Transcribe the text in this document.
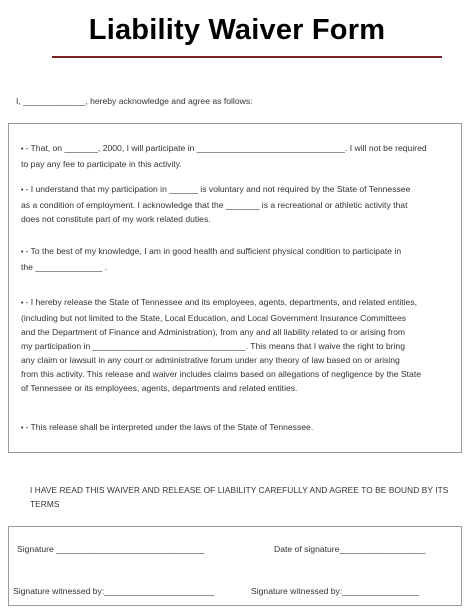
Liability Waiver Form
I, _____________, hereby acknowledge and agree as follows:
• - That, on _______, 2000, I will participate in _______________________________. I will not be required
to pay any fee to participate in this activity.
• - I understand that my participation in ______ is voluntary and not required by the State of Tennessee
as a condition of employment. I acknowledge that the _______ is a recreational or athletic activity that
does not constitute part of my work related duties.
• - To the best of my knowledge, I am in good health and sufficient physical condition to participate in
the ______________ .
• - I hereby release the State of Tennessee and its employees, agents, departments, and related entities,
(including but not limited to the State, Local Education, and Local Government Insurance Committees
and the Department of Finance and Administration), from any and all liability related to or arising from
my participation in ________________________________. This means that I waive the right to bring
any claim or lawsuit in any court or administrative forum under any theory of law based on or arising
from this activity. This release and waiver includes claims based on allegations of negligence by the State
of Tennessee or its employees, agents, departments and related entities.
• - This release shall be interpreted under the laws of the State of Tennessee.
I HAVE READ THIS WAIVER AND RELEASE OF LIABILITY CAREFULLY AND AGREE TO BE BOUND BY ITS
TERMS
Signature _______________________________	Date of signature__________________
Signature witnessed by:_______________________	Signature witnessed by:________________
